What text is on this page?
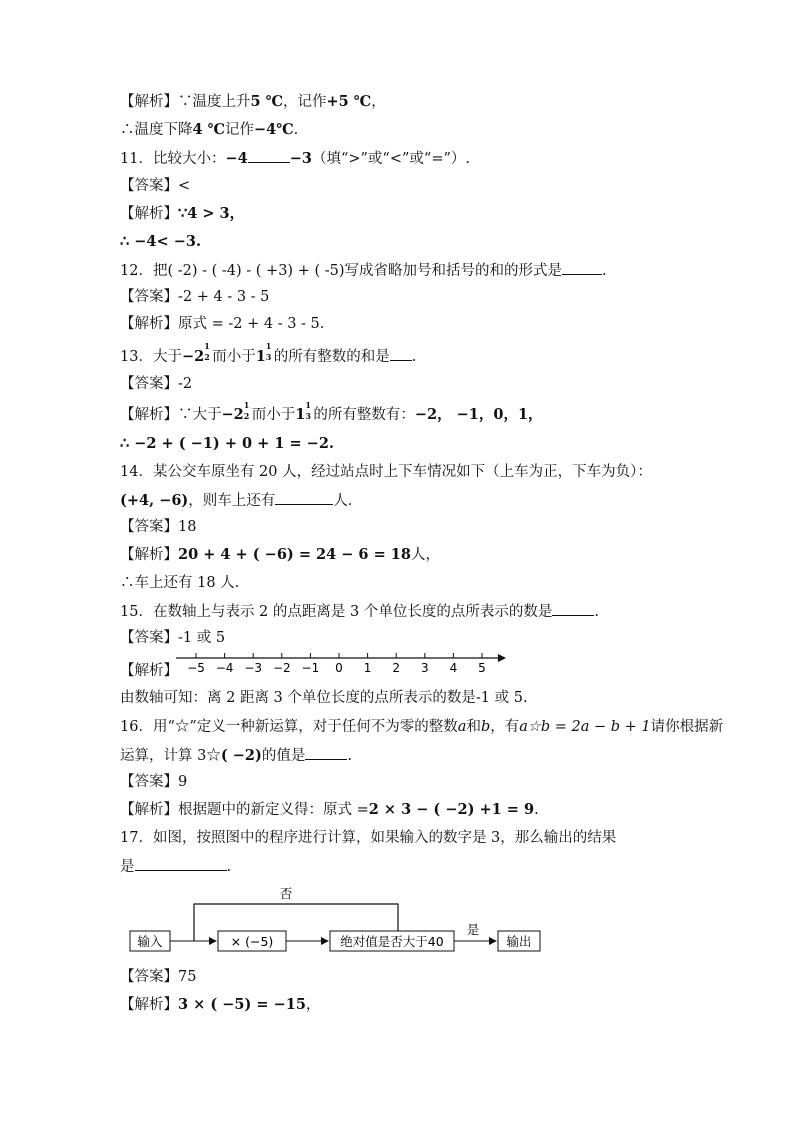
【解析】∵温度上升5 ℃，记作+5 ℃，
∴温度下降4 ℃记作−4℃.
11．比较大小：−4	−3（填“>”或“<”或“=”）.
【答案】<
【解析】∵4 > 3，
∴ −4< −3.
12．把( -2) - ( -4) - ( +3) + ( -5)写成省略加号和括号的和的形式是	.
【答案】-2 + 4 - 3 - 5
【解析】原式 = -2 + 4 - 3 - 5.
13．大于−2
1
2 而小于1
1
3 的所有整数的和是 .
【答案】-2
【解析】∵大于−2
1
2 而小于1
1
3 的所有整数有：−2， −1，0，1，
∴ −2 + ( −1) + 0 + 1 = −2.
14．某公交车原坐有 20 人，经过站点时上下车情况如下（上车为正，下车为负）：
(+4, −6)，则车上还有	人．
【答案】18
【解析】20 + 4 + ( −6) = 24 − 6 = 18人，
∴车上还有 18 人.
15．在数轴上与表示 2 的点距离是 3 个单位长度的点所表示的数是	.
【答案】-1 或 5
【解析】 −5 −4 −3 −2 −1 0 1 2 3 4 5
由数轴可知：离 2 距离 3 个单位长度的点所表示的数是-1 或 5.
16．用“☆”定义一种新运算，对于任何不为零的整数a和b，有a☆b = 2a − b + 1请你根据新
运算，计算 3☆( −2)的值是	.
【答案】9
【解析】根据题中的新定义得：原式 =2 × 3 − ( −2) +1 = 9.
17．如图，按照图中的程序进行计算，如果输入的数字是 3，那么输出的结果
是	.
输入	× (−5)	绝对值是否大于40
是
输出
否
【答案】75
【解析】3 × ( −5) = −15，
